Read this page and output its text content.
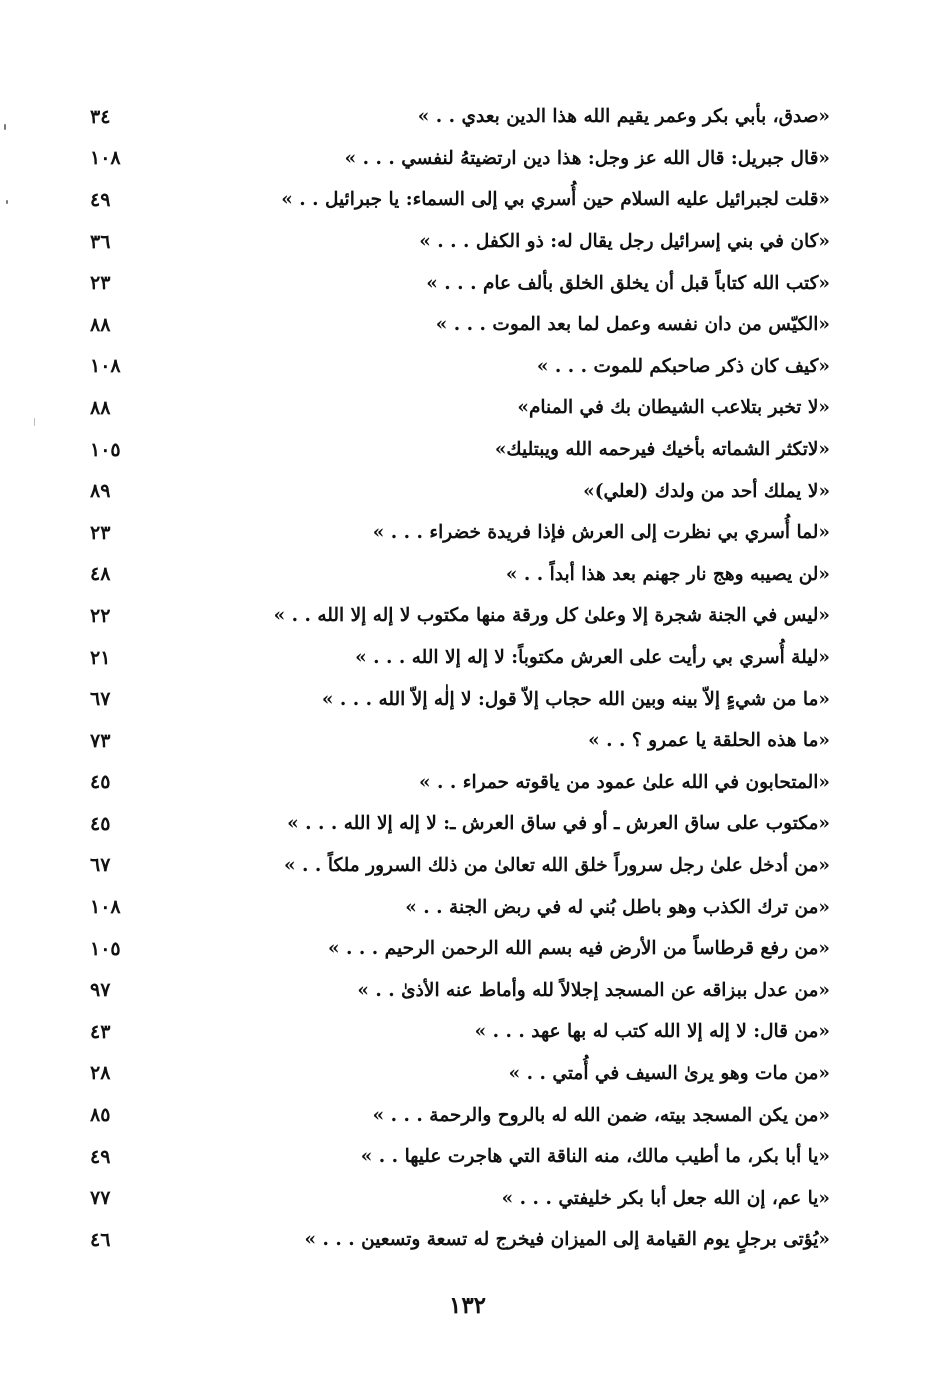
«صدق، بأبي بكر وعمر يقيم الله هذا الدين بعدي . . »
٣٤
«قال جبريل: قال الله عز وجل: هذا دين ارتضيتهُ لنفسي . . . »
١٠٨
«قلت لجبرائيل عليه السلام حين أُسري بي إلى السماء: يا جبرائيل . . »
٤٩
«كان في بني إسرائيل رجل يقال له: ذو الكفل . . . »
٣٦
«كتب الله كتاباً قبل أن يخلق الخلق بألف عام . . . »
٢٣
«الكيّس من دان نفسه وعمل لما بعد الموت . . . »
٨٨
«كيف كان ذكر صاحبكم للموت . . . »
١٠٨
«لا تخبر بتلاعب الشيطان بك في المنام»
٨٨
«لاتكثر الشماته بأخيك فيرحمه الله ويبتليك»
١٠٥
«لا يملك أحد من ولدك (لعلي)»
٨٩
«لما أُسري بي نظرت إلى العرش فإذا فريدة خضراء . . . »
٢٣
«لن يصيبه وهج نار جهنم بعد هذا أبداً . . »
٤٨
«ليس في الجنة شجرة إلا وعلىٰ كل ورقة منها مكتوب لا إله إلا الله . . »
٢٢
«ليلة أُسري بي رأيت على العرش مكتوباً: لا إله إلا الله . . . »
٢١
«ما من شيءٍ إلاّ بينه وبين الله حجاب إلاّ قول: لا إلٰه إلاّ الله . . . »
٦٧
«ما هذه الحلقة يا عمرو ؟ . . »
٧٣
«المتحابون في الله علىٰ عمود من ياقوته حمراء . . »
٤٥
«مكتوب على ساق العرش ـ أو في ساق العرش ـ: لا إله إلا الله . . . »
٤٥
«من أدخل علىٰ رجل سروراً خلق الله تعالىٰ من ذلك السرور ملكاً . . »
٦٧
«من ترك الكذب وهو باطل بُني له في ربض الجنة . . »
١٠٨
«من رفع قرطاساً من الأرض فيه بسم الله الرحمن الرحيم . . . »
١٠٥
«من عدل ببزاقه عن المسجد إجلالاً لله وأماط عنه الأذىٰ . . »
٩٧
«من قال: لا إله إلا الله كتب له بها عهد . . . »
٤٣
«من مات وهو يرىٰ السيف في أُمتي . . »
٢٨
«من يكن المسجد بيته، ضمن الله له بالروح والرحمة . . . »
٨٥
«يا أبا بكر، ما أطيب مالك، منه الناقة التي هاجرت عليها . . »
٤٩
«يا عم، إن الله جعل أبا بكر خليفتي . . . »
٧٧
«يُؤتى برجلٍ يوم القيامة إلى الميزان فيخرج له تسعة وتسعين . . . »
٤٦
١٣٢
